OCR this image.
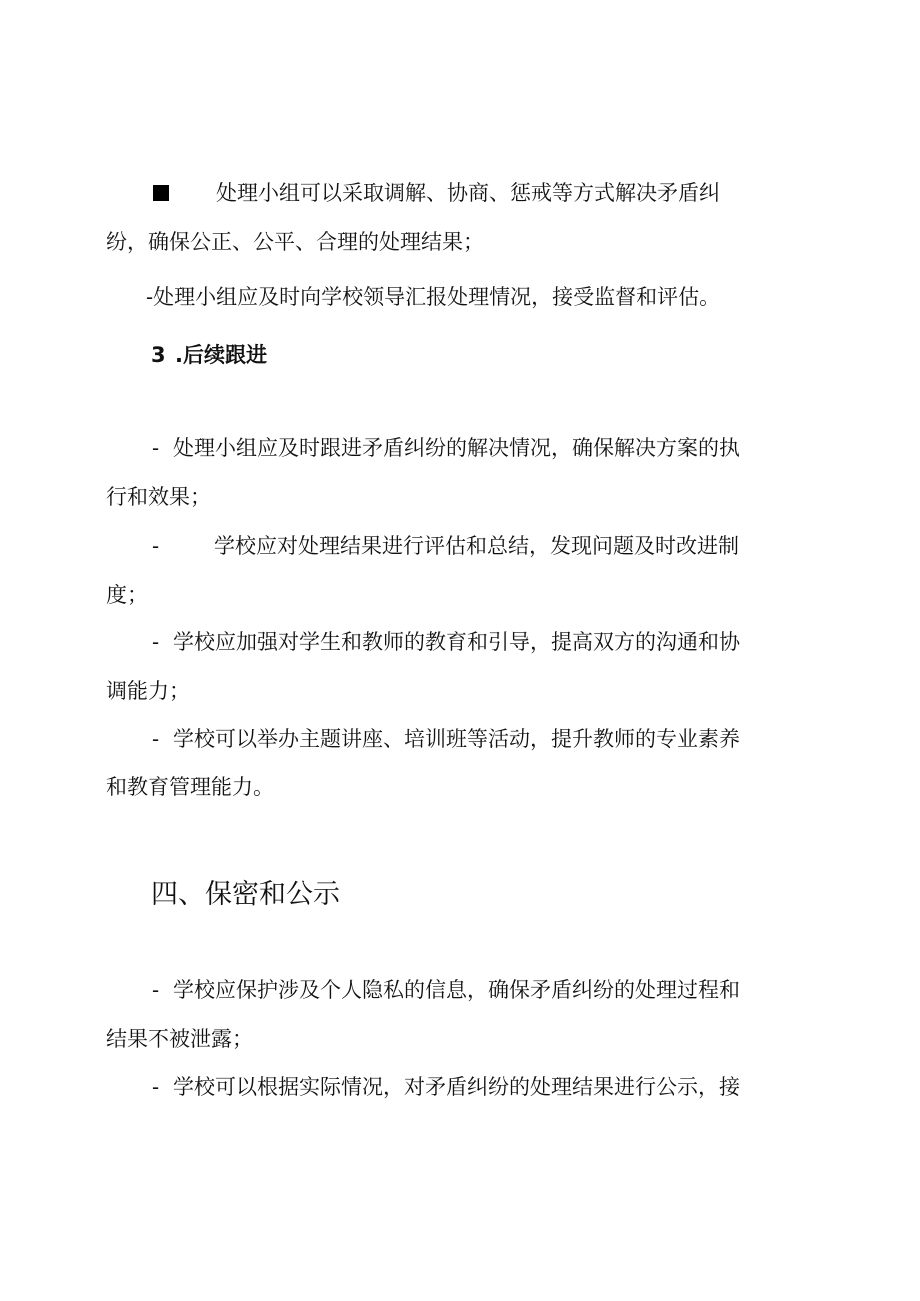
处理小组可以采取调解、协商、惩戒等方式解决矛盾纠
纷，确保公正、公平、合理的处理结果；
-处理小组应及时向学校领导汇报处理情况，接受监督和评估。
3 .后续跟进
- 处理小组应及时跟进矛盾纠纷的解决情况，确保解决方案的执
行和效果；
-	学校应对处理结果进行评估和总结，发现问题及时改进制
度；
- 学校应加强对学生和教师的教育和引导，提高双方的沟通和协
调能力；
- 学校可以举办主题讲座、培训班等活动，提升教师的专业素养
和教育管理能力。
四、保密和公示
- 学校应保护涉及个人隐私的信息，确保矛盾纠纷的处理过程和
结果不被泄露；
- 学校可以根据实际情况，对矛盾纠纷的处理结果进行公示，接
